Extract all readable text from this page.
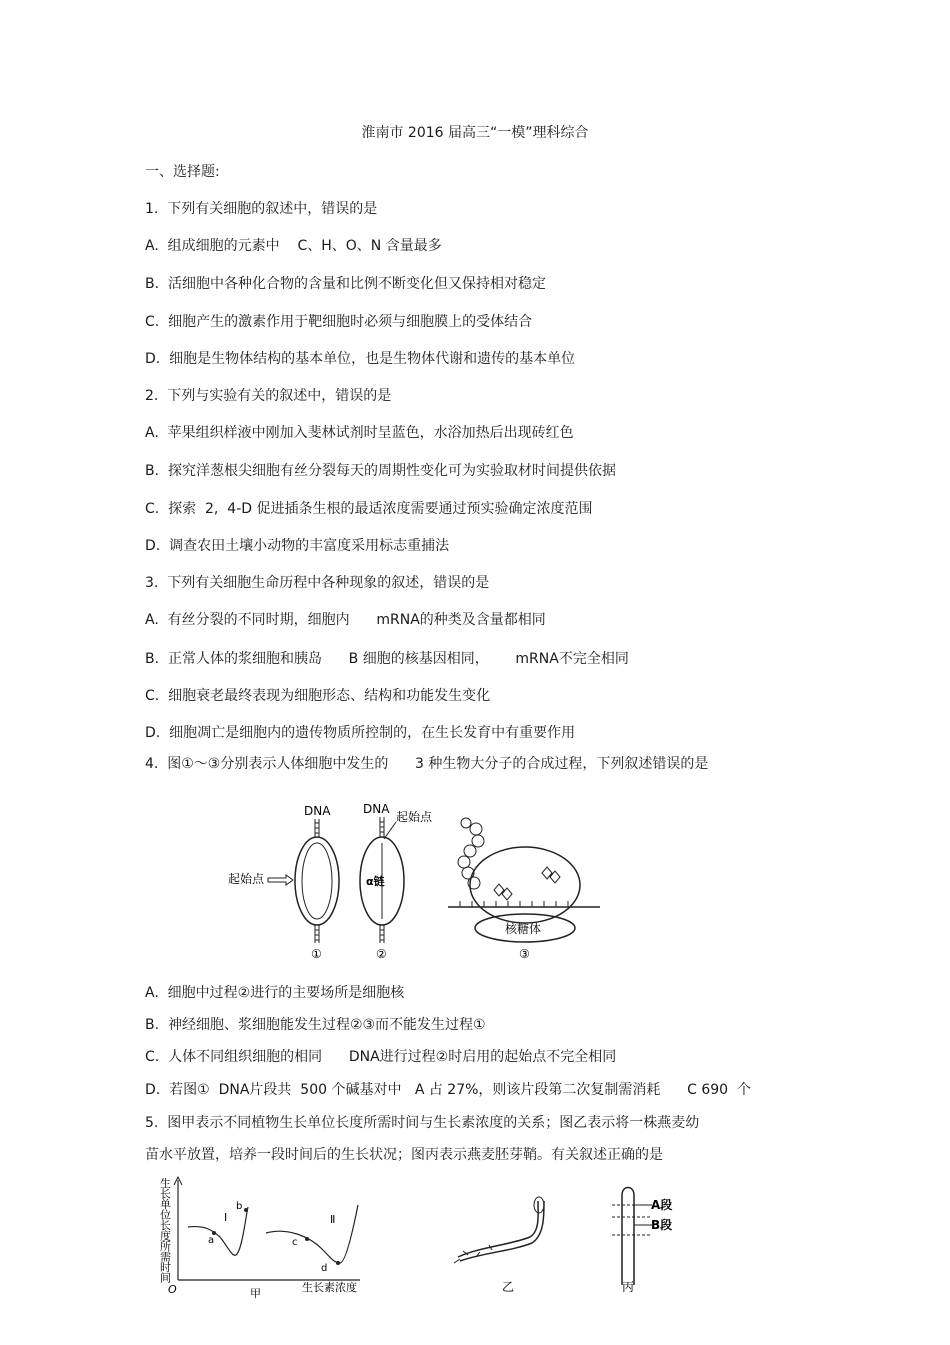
淮南市 2016 届高三“一模”理科综合
一、选择题:
1.  下列有关细胞的叙述中，错误的是
A.  组成细胞的元素中    C、H、O、N 含量最多
B.  活细胞中各种化合物的含量和比例不断变化但又保持相对稳定
C.  细胞产生的激素作用于靶细胞时必须与细胞膜上的受体结合
D.  细胞是生物体结构的基本单位，也是生物体代谢和遗传的基本单位
2.  下列与实验有关的叙述中，错误的是
A.  苹果组织样液中刚加入斐林试剂时呈蓝色，水浴加热后出现砖红色
B.  探究洋葱根尖细胞有丝分裂每天的周期性变化可为实验取材时间提供依据
C.  探索  2,  4-D 促进插条生根的最适浓度需要通过预实验确定浓度范围
D.  调查农田土壤小动物的丰富度采用标志重捕法
3.  下列有关细胞生命历程中各种现象的叙述，错误的是
A.  有丝分裂的不同时期，细胞内      mRNA的种类及含量都相同
B.  正常人体的浆细胞和胰岛      B 细胞的核基因相同，      mRNA不完全相同
C.  细胞衰老最终表现为细胞形态、结构和功能发生变化
D.  细胞凋亡是细胞内的遗传物质所控制的，在生长发育中有重要作用
4.  图①～③分别表示人体细胞中发生的      3 种生物大分子的合成过程，下列叙述错误的是
DNA
起始点
①
DNA
起始点
α链
②
核糖体
③
A.  细胞中过程②进行的主要场所是细胞核
B.  神经细胞、浆细胞能发生过程②③而不能发生过程①
C.  人体不同组织细胞的相同      DNA进行过程②时启用的起始点不完全相同
D.  若图①  DNA片段共  500 个碱基对中   A 占 27%，则该片段第二次复制需消耗      C 690  个
5.  图甲表示不同植物生长单位长度所需时间与生长素浓度的关系；图乙表示将一株燕麦幼
苗水平放置，培养一段时间后的生长状况；图丙表示燕麦胚芽鞘。有关叙述正确的是
生长单位长度所需时间
O	生长素浓度
a
b
Ⅰ
c
d
Ⅱ
甲	乙
A段
B段
丙
